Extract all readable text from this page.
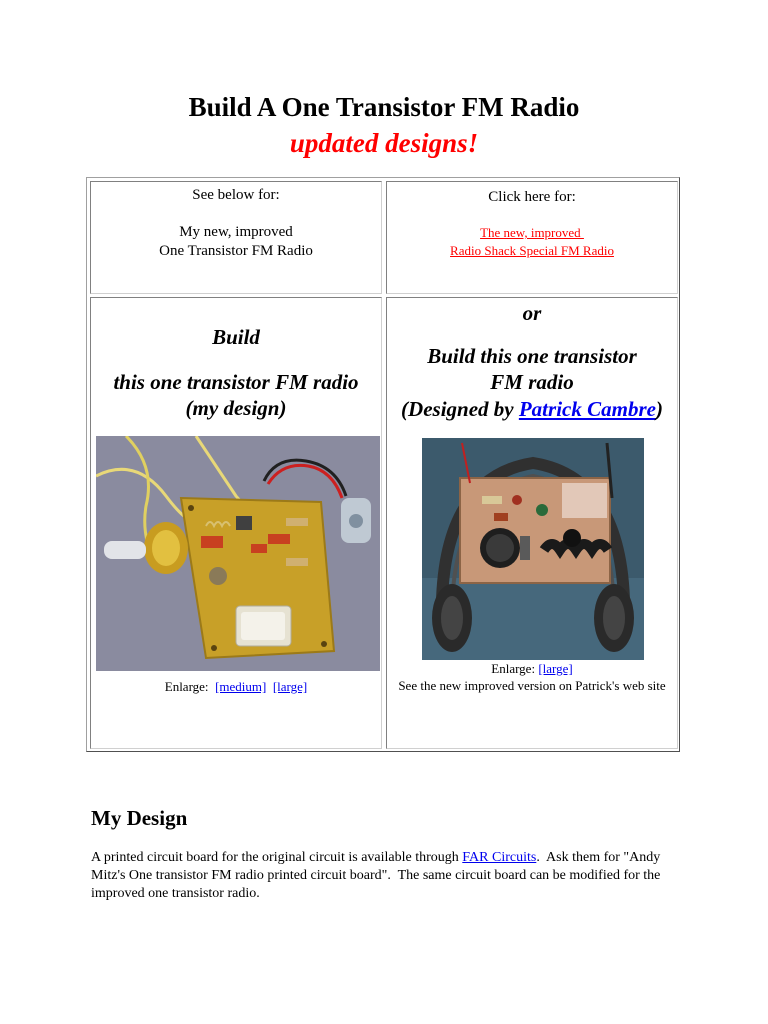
Build A One Transistor FM Radio
updated designs!
See below for:
My new, improved
One Transistor FM Radio
Click here for:
The new, improved
Radio Shack Special FM Radio
Build
this one transistor FM radio
(my design)
Enlarge: [medium] [large]
or
Build this one transistor
FM radio
(Designed by Patrick Cambre)
Enlarge: [large]
See the new improved version on Patrick's web site
My Design
A printed circuit board for the original circuit is available through FAR Circuits.  Ask them for "Andy Mitz's One transistor FM radio printed circuit board".  The same circuit board can be modified for the improved one transistor radio.
